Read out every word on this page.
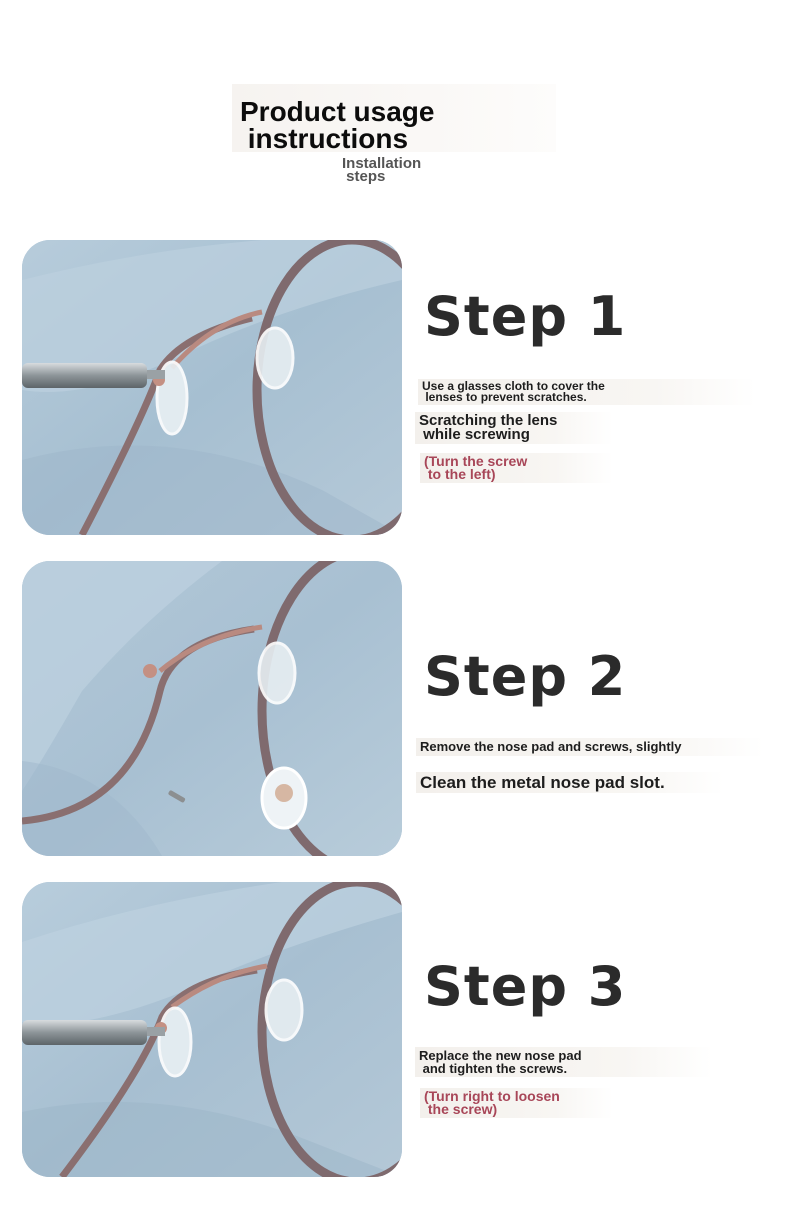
Product usage
instructions

Installation
steps

Step 1

Use a glasses cloth to cover the
lenses to prevent scratches.

Scratching the lens
while screwing

(Turn the screw
to the left)

Step 2

Remove the nose pad and screws, slightly

Clean the metal nose pad slot.

Step 3

Replace the new nose pad
and tighten the screws.

(Turn right to loosen
the screw)
